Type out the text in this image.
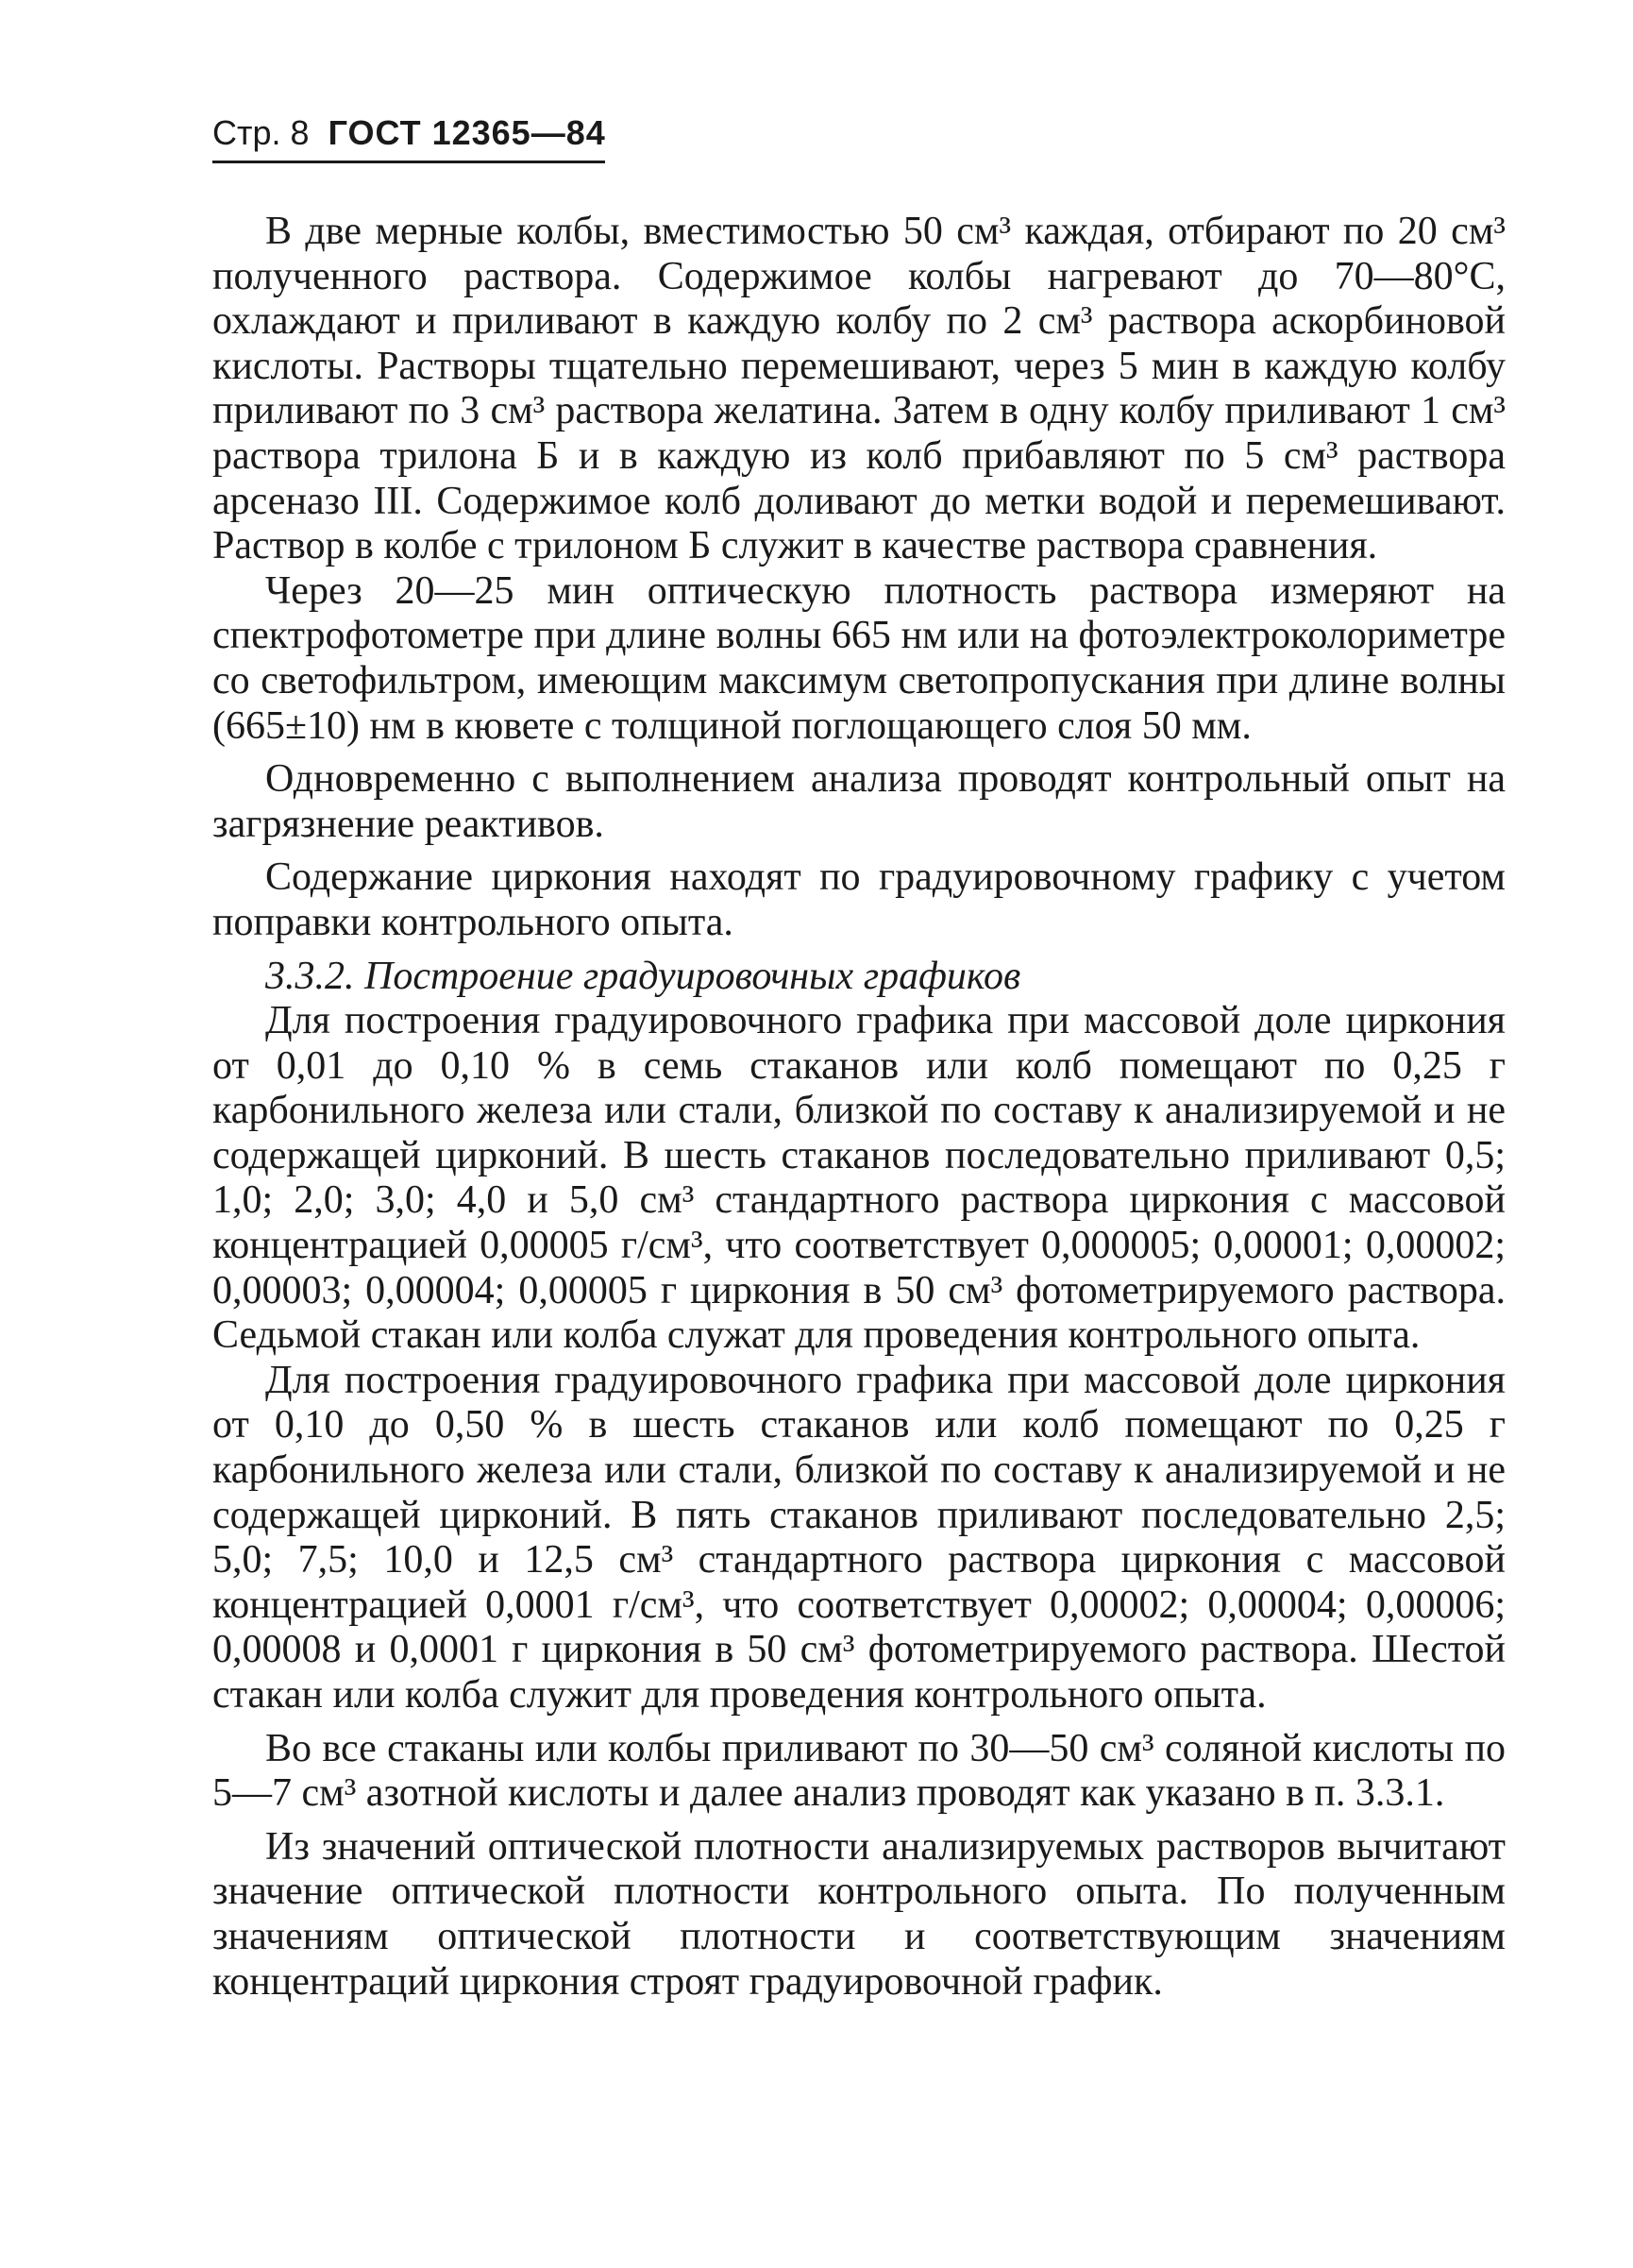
Стр. 8 ГОСТ 12365—84

В две мерные колбы, вместимостью 50 см³ каждая, отбирают по 20 см³ полученного раствора. Содержимое колбы нагревают до 70—80°С, охлаждают и приливают в каждую колбу по 2 см³ раствора аскорбиновой кислоты. Растворы тщательно перемешивают, через 5 мин в каждую колбу приливают по 3 см³ раствора желатина. Затем в одну колбу приливают 1 см³ раствора трилона Б и в каждую из колб прибавляют по 5 см³ раствора арсеназо III. Содержимое колб доливают до метки водой и перемешивают. Раствор в колбе с трилоном Б служит в качестве раствора сравнения.

Через 20—25 мин оптическую плотность раствора измеряют на спектрофотометре при длине волны 665 нм или на фотоэлектроколориметре со светофильтром, имеющим максимум светопропускания при длине волны (665±10) нм в кювете с толщиной поглощающего слоя 50 мм.

Одновременно с выполнением анализа проводят контрольный опыт на загрязнение реактивов.

Содержание циркония находят по градуировочному графику с учетом поправки контрольного опыта.

3.3.2. Построение градуировочных графиков

Для построения градуировочного графика при массовой доле циркония от 0,01 до 0,10 % в семь стаканов или колб помещают по 0,25 г карбонильного железа или стали, близкой по составу к анализируемой и не содержащей цирконий. В шесть стаканов последовательно приливают 0,5; 1,0; 2,0; 3,0; 4,0 и 5,0 см³ стандартного раствора циркония с массовой концентрацией 0,00005 г/см³, что соответствует 0,000005; 0,00001; 0,00002; 0,00003; 0,00004; 0,00005 г циркония в 50 см³ фотометрируемого раствора. Седьмой стакан или колба служат для проведения контрольного опыта.

Для построения градуировочного графика при массовой доле циркония от 0,10 до 0,50 % в шесть стаканов или колб помещают по 0,25 г карбонильного железа или стали, близкой по составу к анализируемой и не содержащей цирконий. В пять стаканов приливают последовательно 2,5; 5,0; 7,5; 10,0 и 12,5 см³ стандартного раствора циркония с массовой концентрацией 0,0001 г/см³, что соответствует 0,00002; 0,00004; 0,00006; 0,00008 и 0,0001 г циркония в 50 см³ фотометрируемого раствора. Шестой стакан или колба служит для проведения контрольного опыта.

Во все стаканы или колбы приливают по 30—50 см³ соляной кислоты по 5—7 см³ азотной кислоты и далее анализ проводят как указано в п. 3.3.1.

Из значений оптической плотности анализируемых растворов вычитают значение оптической плотности контрольного опыта. По полученным значениям оптической плотности и соответствующим значениям концентраций циркония строят градуировочной график.
